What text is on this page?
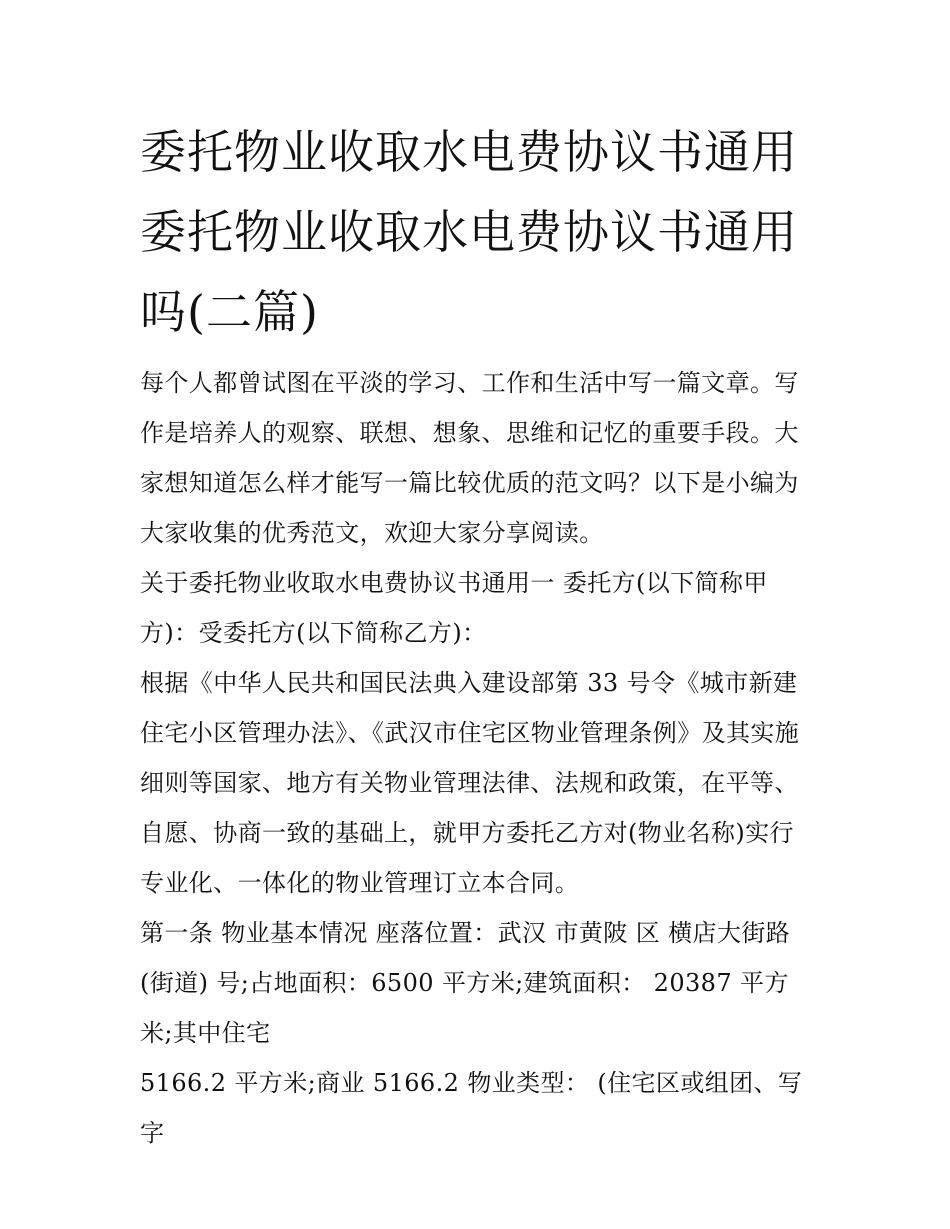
委托物业收取水电费协议书通用 委托物业收取水电费协议书通用吗(二篇)

每个人都曾试图在平淡的学习、工作和生活中写一篇文章。写作是培养人的观察、联想、想象、思维和记忆的重要手段。大家想知道怎么样才能写一篇比较优质的范文吗？以下是小编为大家收集的优秀范文，欢迎大家分享阅读。

关于委托物业收取水电费协议书通用一 委托方(以下简称甲方)：受委托方(以下简称乙方)：

根据《中华人民共和国民法典入建设部第 33 号令《城市新建住宅小区管理办法》、《武汉市住宅区物业管理条例》及其实施细则等国家、地方有关物业管理法律、法规和政策，在平等、自愿、协商一致的基础上，就甲方委托乙方对(物业名称)实行专业化、一体化的物业管理订立本合同。

第一条 物业基本情况 座落位置：武汉 市黄陂 区 横店大街路(街道) 号;占地面积：6500 平方米;建筑面积： 20387 平方米;其中住宅

5166.2 平方米;商业 5166.2 物业类型： (住宅区或组团、写字
